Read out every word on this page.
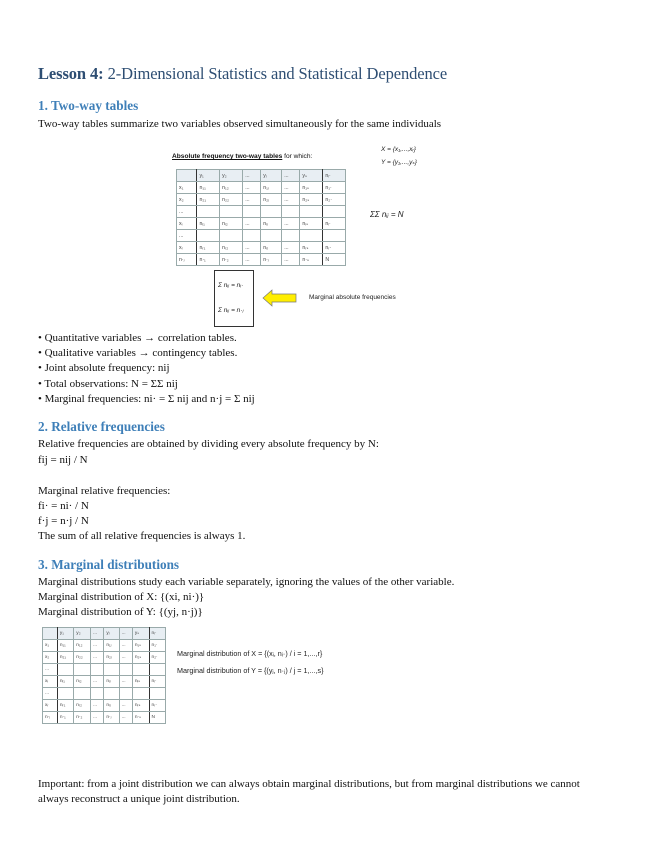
Lesson 4: 2-Dimensional Statistics and Statistical Dependence
1. Two-way tables
Two-way tables summarize two variables observed simultaneously for the same individuals
Absolute frequency two-way tables for which:
X = {x₁,...,xᵣ}
Y = {y₁,...,yₛ}
	y₁	y₂	...	yⱼ	...	yₛ	nᵢ·
x₁	n₁₁	n₁₂	...	n₁ⱼ	...	n₁ₛ	n₁·
x₂	n₂₁	n₂₂	...	n₂ⱼ	...	n₂ₛ	n₂·
...							
xᵢ	nᵢ₁	nᵢ₂	...	nᵢⱼ	...	nᵢₛ	nᵢ·
...							
xᵣ	nᵣ₁	nᵣ₂	...	nᵣⱼ	...	nᵣₛ	nᵣ·
n·ⱼ	n·₁	n·₂	...	n·ⱼ	...	n·ₛ	N
ΣΣ nᵢⱼ = N
Σ nᵢⱼ = nᵢ·
Σ nᵢⱼ = n·ⱼ
Marginal absolute frequencies
• Quantitative variables → correlation tables.
• Qualitative variables → contingency tables.
• Joint absolute frequency: nij
• Total observations: N = ΣΣ nij
• Marginal frequencies: ni· = Σ nij and n·j = Σ nij
2. Relative frequencies
Relative frequencies are obtained by dividing every absolute frequency by N:
fij = nij / N
Marginal relative frequencies:
fi· = ni· / N
f·j = n·j / N
The sum of all relative frequencies is always 1.
3. Marginal distributions
Marginal distributions study each variable separately, ignoring the values of the other variable.
Marginal distribution of X: {(xi, ni·)}
Marginal distribution of Y: {(yj, n·j)}
	y₁	y₂	...	yⱼ	...	yₛ	nᵢ·
x₁	n₁₁	n₁₂	...	n₁ⱼ	...	n₁ₛ	n₁·
x₂	n₂₁	n₂₂	...	n₂ⱼ	...	n₂ₛ	n₂·
...							
xᵢ	nᵢ₁	nᵢ₂	...	nᵢⱼ	...	nᵢₛ	nᵢ·
...							
xᵣ	nᵣ₁	nᵣ₂	...	nᵣⱼ	...	nᵣₛ	nᵣ·
n·ⱼ	n·₁	n·₂	...	n·ⱼ	...	n·ₛ	N
Marginal distribution of X = {(xᵢ, nᵢ·) / i = 1,...,r}
Marginal distribution of Y = {(yⱼ, n·ⱼ) / j = 1,...,s}
Important: from a joint distribution we can always obtain marginal distributions, but from marginal distributions we cannot always reconstruct a unique joint distribution.
